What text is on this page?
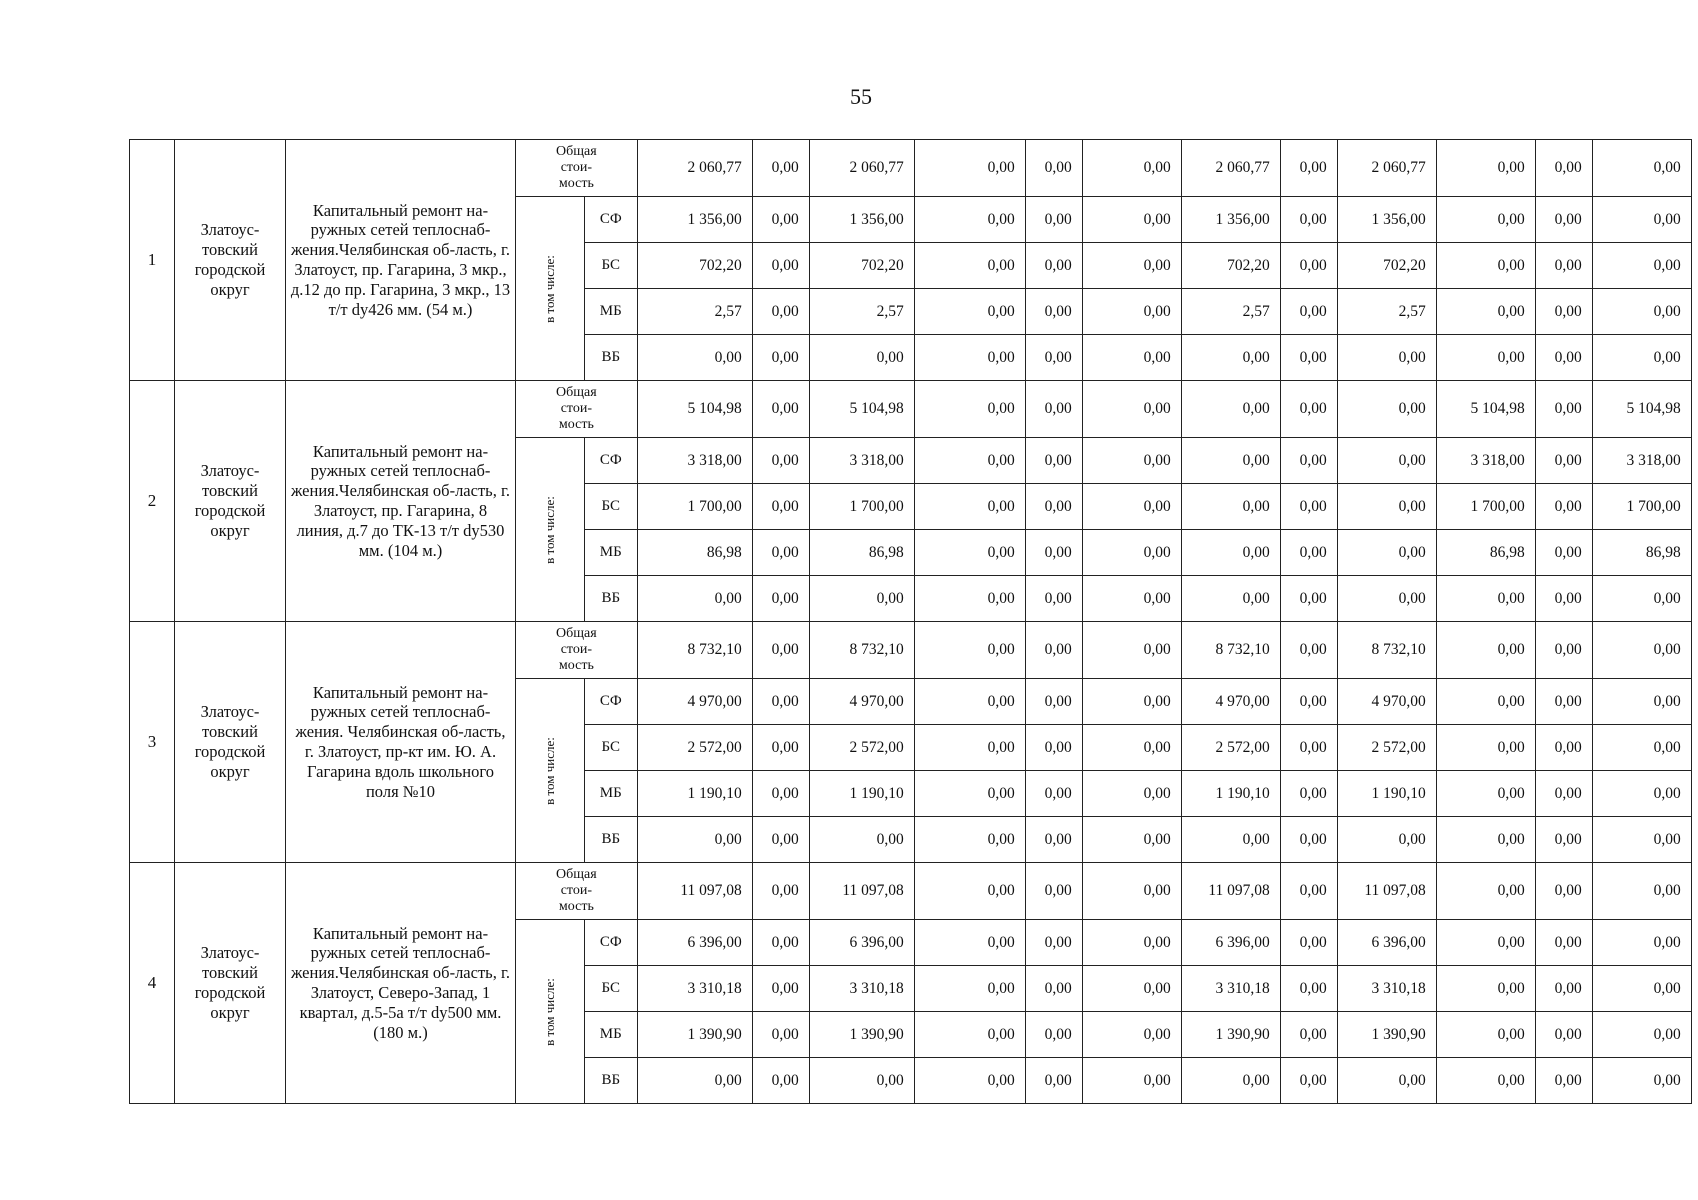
55
1	Златоус-товский городской округ	Капитальный ремонт на-ружных сетей теплоснаб-жения.Челябинская об-ласть, г. Златоуст, пр. Гагарина, 3 мкр., д.12 до пр. Гагарина, 3 мкр., 13 т/т dy426 мм. (54 м.)	Общая
стои-
мость		2 060,77	0,00	2 060,77	0,00	0,00	0,00	2 060,77	0,00	2 060,77	0,00	0,00	0,00
			в том числе:	СФ	1 356,00	0,00	1 356,00	0,00	0,00	0,00	1 356,00	0,00	1 356,00	0,00	0,00	0,00
				БС	702,20	0,00	702,20	0,00	0,00	0,00	702,20	0,00	702,20	0,00	0,00	0,00
				МБ	2,57	0,00	2,57	0,00	0,00	0,00	2,57	0,00	2,57	0,00	0,00	0,00
				ВБ	0,00	0,00	0,00	0,00	0,00	0,00	0,00	0,00	0,00	0,00	0,00	0,00
2	Златоус-товский городской округ	Капитальный ремонт на-ружных сетей теплоснаб-жения.Челябинская об-ласть, г. Златоуст, пр. Гагарина, 8 линия, д.7 до ТК-13 т/т dy530 мм. (104 м.)	Общая
стои-
мость		5 104,98	0,00	5 104,98	0,00	0,00	0,00	0,00	0,00	0,00	5 104,98	0,00	5 104,98
			в том числе:	СФ	3 318,00	0,00	3 318,00	0,00	0,00	0,00	0,00	0,00	0,00	3 318,00	0,00	3 318,00
				БС	1 700,00	0,00	1 700,00	0,00	0,00	0,00	0,00	0,00	0,00	1 700,00	0,00	1 700,00
				МБ	86,98	0,00	86,98	0,00	0,00	0,00	0,00	0,00	0,00	86,98	0,00	86,98
				ВБ	0,00	0,00	0,00	0,00	0,00	0,00	0,00	0,00	0,00	0,00	0,00	0,00
3	Златоус-товский городской округ	Капитальный ремонт на-ружных сетей теплоснаб-жения. Челябинская об-ласть, г. Златоуст, пр-кт им. Ю. А. Гагарина вдоль школьного поля №10	Общая
стои-
мость		8 732,10	0,00	8 732,10	0,00	0,00	0,00	8 732,10	0,00	8 732,10	0,00	0,00	0,00
			в том числе:	СФ	4 970,00	0,00	4 970,00	0,00	0,00	0,00	4 970,00	0,00	4 970,00	0,00	0,00	0,00
				БС	2 572,00	0,00	2 572,00	0,00	0,00	0,00	2 572,00	0,00	2 572,00	0,00	0,00	0,00
				МБ	1 190,10	0,00	1 190,10	0,00	0,00	0,00	1 190,10	0,00	1 190,10	0,00	0,00	0,00
				ВБ	0,00	0,00	0,00	0,00	0,00	0,00	0,00	0,00	0,00	0,00	0,00	0,00
4	Златоус-товский городской округ	Капитальный ремонт на-ружных сетей теплоснаб-жения.Челябинская об-ласть, г. Златоуст, Северо-Запад, 1 квартал, д.5-5а т/т dy500 мм. (180 м.)	Общая
стои-
мость		11 097,08	0,00	11 097,08	0,00	0,00	0,00	11 097,08	0,00	11 097,08	0,00	0,00	0,00
			в том числе:	СФ	6 396,00	0,00	6 396,00	0,00	0,00	0,00	6 396,00	0,00	6 396,00	0,00	0,00	0,00
				БС	3 310,18	0,00	3 310,18	0,00	0,00	0,00	3 310,18	0,00	3 310,18	0,00	0,00	0,00
				МБ	1 390,90	0,00	1 390,90	0,00	0,00	0,00	1 390,90	0,00	1 390,90	0,00	0,00	0,00
				ВБ	0,00	0,00	0,00	0,00	0,00	0,00	0,00	0,00	0,00	0,00	0,00	0,00
